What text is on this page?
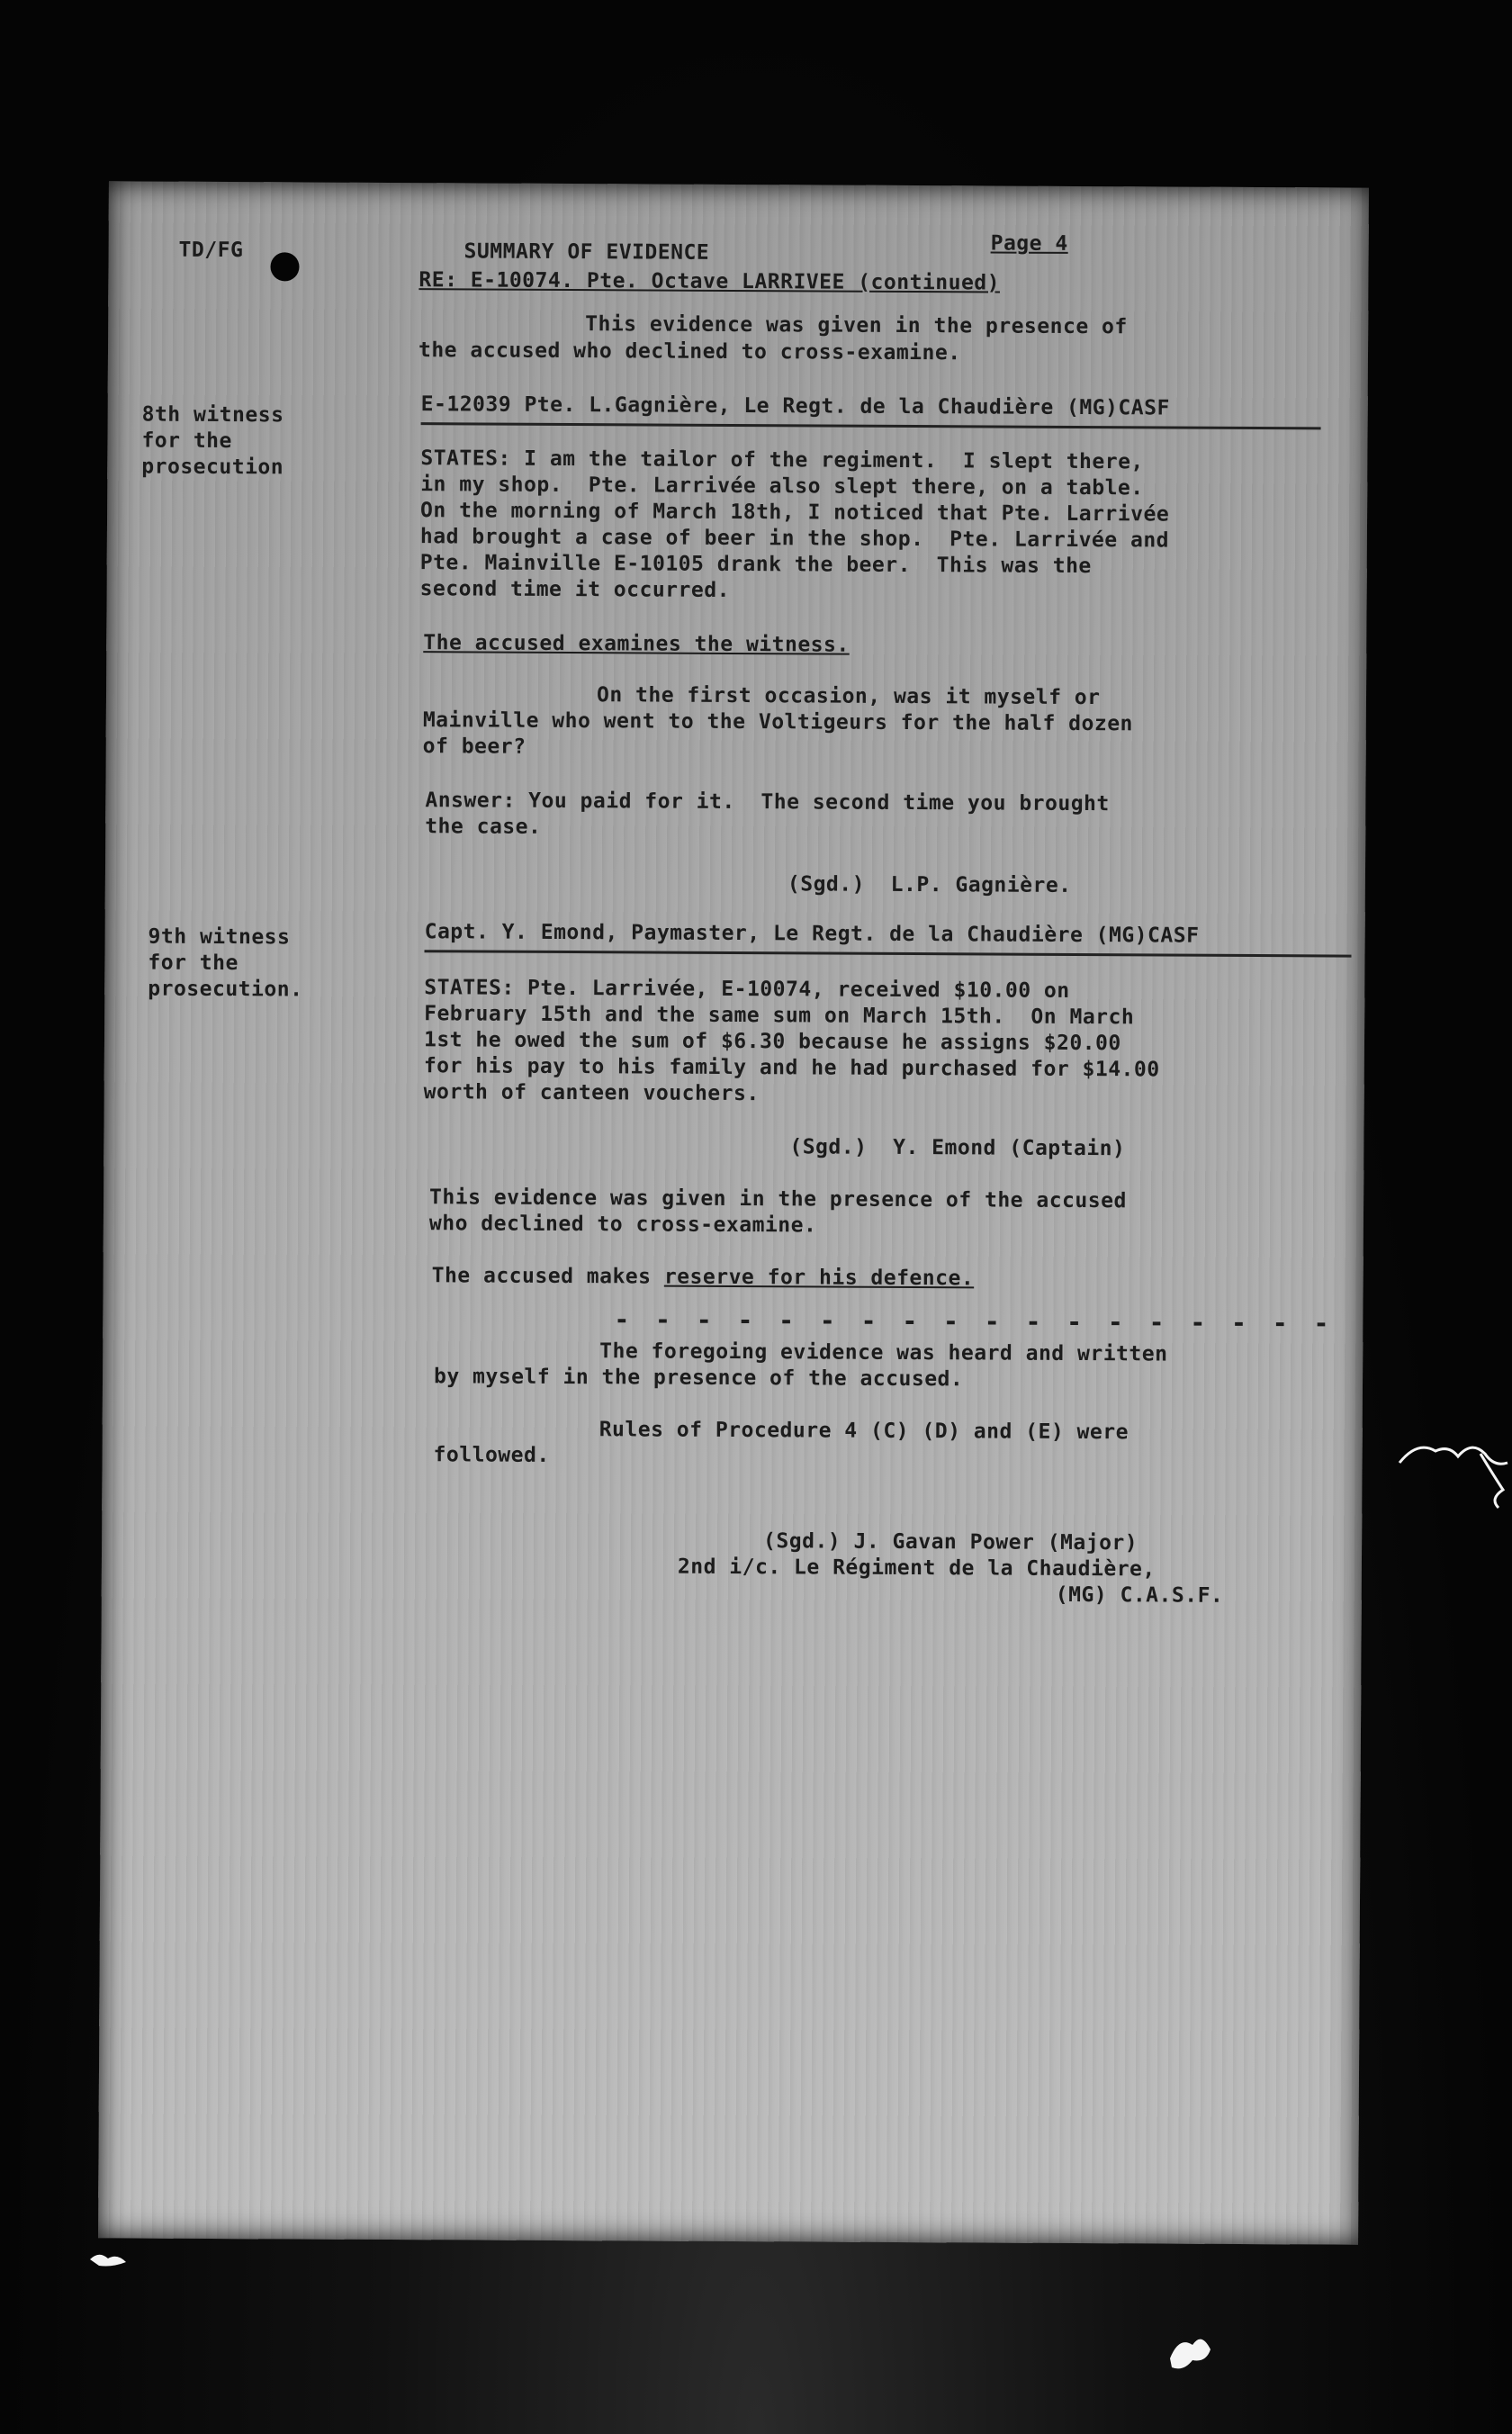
TD/FG	SUMMARY OF EVIDENCE	Page 4
RE: E-10074. Pte. Octave LARRIVEE (continued)
This evidence was given in the presence of
the accused who declined to cross-examine.
8th witness
for the
prosecution
E-12039 Pte. L.Gagnière, Le Regt. de la Chaudière (MG)CASF
STATES: I am the tailor of the regiment.  I slept there,
in my shop.  Pte. Larrivée also slept there, on a table.
On the morning of March 18th, I noticed that Pte. Larrivée
had brought a case of beer in the shop.  Pte. Larrivée and
Pte. Mainville E-10105 drank the beer.  This was the
second time it occurred.
The accused examines the witness.
On the first occasion, was it myself or
Mainville who went to the Voltigeurs for the half dozen
of beer?
Answer: You paid for it.  The second time you brought
the case.
(Sgd.)  L.P. Gagnière.
9th witness
for the
prosecution.
Capt. Y. Emond, Paymaster, Le Regt. de la Chaudière (MG)CASF
STATES: Pte. Larrivée, E-10074, received $10.00 on
February 15th and the same sum on March 15th.  On March
1st he owed the sum of $6.30 because he assigns $20.00
for his pay to his family and he had purchased for $14.00
worth of canteen vouchers.
(Sgd.)  Y. Emond (Captain)
This evidence was given in the presence of the accused
who declined to cross-examine.
The accused makes reserve for his defence.
- - - - - - - - - - - - - - - - - -
The foregoing evidence was heard and written
by myself in the presence of the accused.
Rules of Procedure 4 (C) (D) and (E) were
followed.
(Sgd.) J. Gavan Power (Major)
2nd i/c. Le Régiment de la Chaudière,
(MG) C.A.S.F.
